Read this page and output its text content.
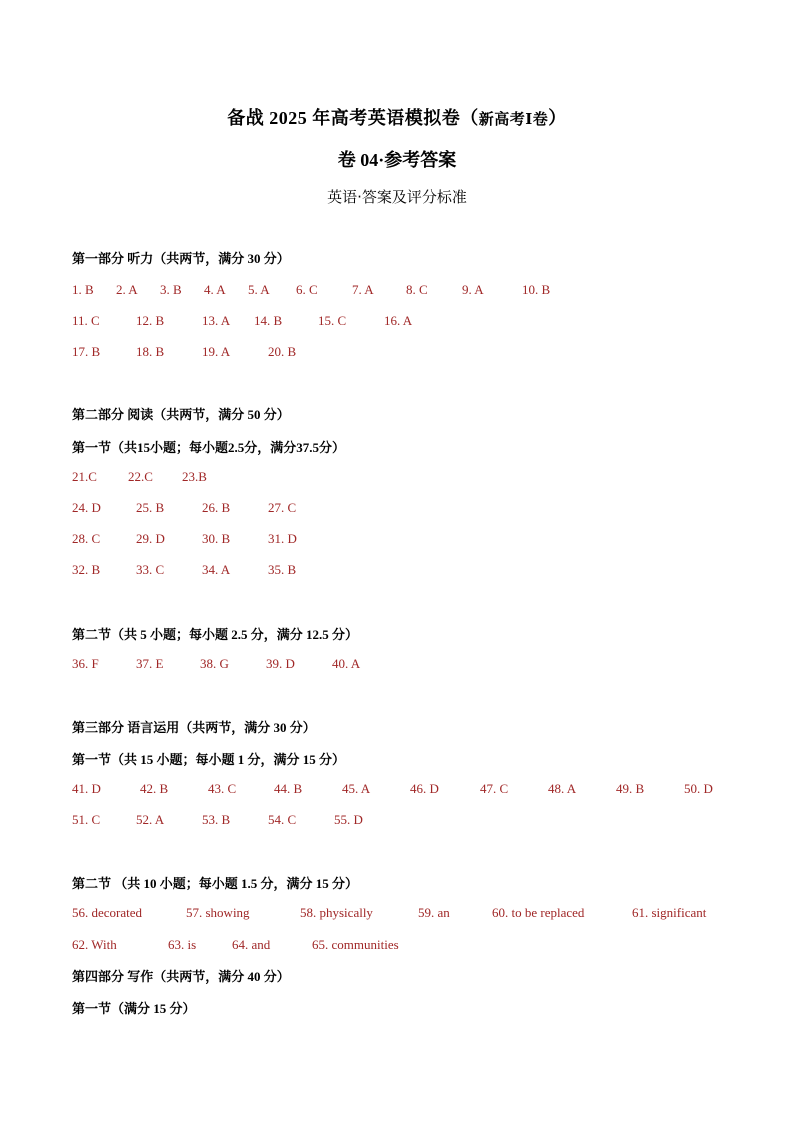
备战 2025 年高考英语模拟卷（新高考Ⅰ卷）
卷 04·参考答案
英语·答案及评分标准
第一部分 听力（共两节，满分 30 分）
1. B 2. A 3. B 4. A 5. A 6. C	7. A 8. C	9. A	10. B
11. C	12. B	13. A 14. B	15. C	16. A
17. B	18. B	19. A	20. B
第二部分 阅读（共两节，满分 50 分）
第一节（共15小题；每小题2.5分，满分37.5分）
21.C 22.C 23.B
24. D	25. B	26. B	27. C
28. C	29. D	30. B	31. D
32. B	33. C	34. A	35. B
第二节（共 5 小题；每小题 2.5 分，满分 12.5 分）
36. F	37. E	38. G	39. D	40. A
第三部分 语言运用（共两节，满分 30 分）
第一节（共 15 小题；每小题 1 分，满分 15 分）
41. D	42. B	43. C	44. B	45. A	46. D	47. C	48. A	49. B	50. D
51. C	52. A	53. B	54. C	55. D
第二节 （共 10 小题；每小题 1.5 分，满分 15 分）
56. decorated	57. showing	58. physically	59. an	60. to be replaced	61. significant
62. With	63. is	64. and	65. communities
第四部分 写作（共两节，满分 40 分）
第一节（满分 15 分）
